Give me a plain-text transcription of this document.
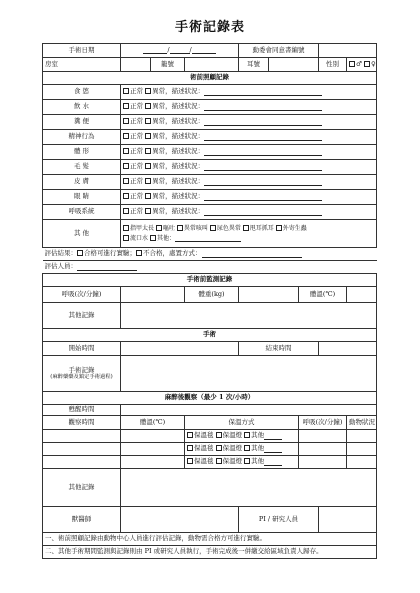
手術記錄表
手術日期	/ /			動委會同意書編號				
房室		籠號		耳號			性別	♂ ♀
術前照顧記錄								
食 慾	正常 異常，描述狀況：							
飲 水	正常 異常，描述狀況：							
糞 便	正常 異常，描述狀況：							
精神行為	正常 異常，描述狀況：							
體 形	正常 異常，描述狀況：							
毛 髮	正常 異常，描述狀況：							
皮 膚	正常 異常，描述狀況：							
眼 睛	正常 異常，描述狀況：							
呼吸系統	正常 異常，描述狀況：							
其 他	指甲太長 嘔吐 異常咳叫 尿色異常 甩耳抓耳 外寄生蟲
流口水 其他：							

評估結果： 合格可進行實驗； 不合格，處置方式：								
評估人員：								
手術前監測記錄								
呼吸(次/分鐘)			體重(kg)			體溫(℃)		
其他記錄								
手術								
開始時間				結束時間				

手術記錄
(麻醉藥藥及鎮定手術過程)								

麻醉後觀察（最少 1 次/小時）								
甦醒時間								
觀察時間	體溫(℃)		保溫方式			呼吸(次/分鐘)		動物狀況
			保溫毯 保溫燈 其他					
			保溫毯 保溫燈 其他					
			保溫毯 保溫燈 其他					
其他記錄								
獸醫師				PI / 研究人員				
一、術前照顧記錄由動物中心人員進行評估記錄，動物需合格方可進行實驗。								
二、其他手術期間監測與記錄則由 PI 或研究人員執行，手術完成後一併繳交給區域負責人歸存。								
